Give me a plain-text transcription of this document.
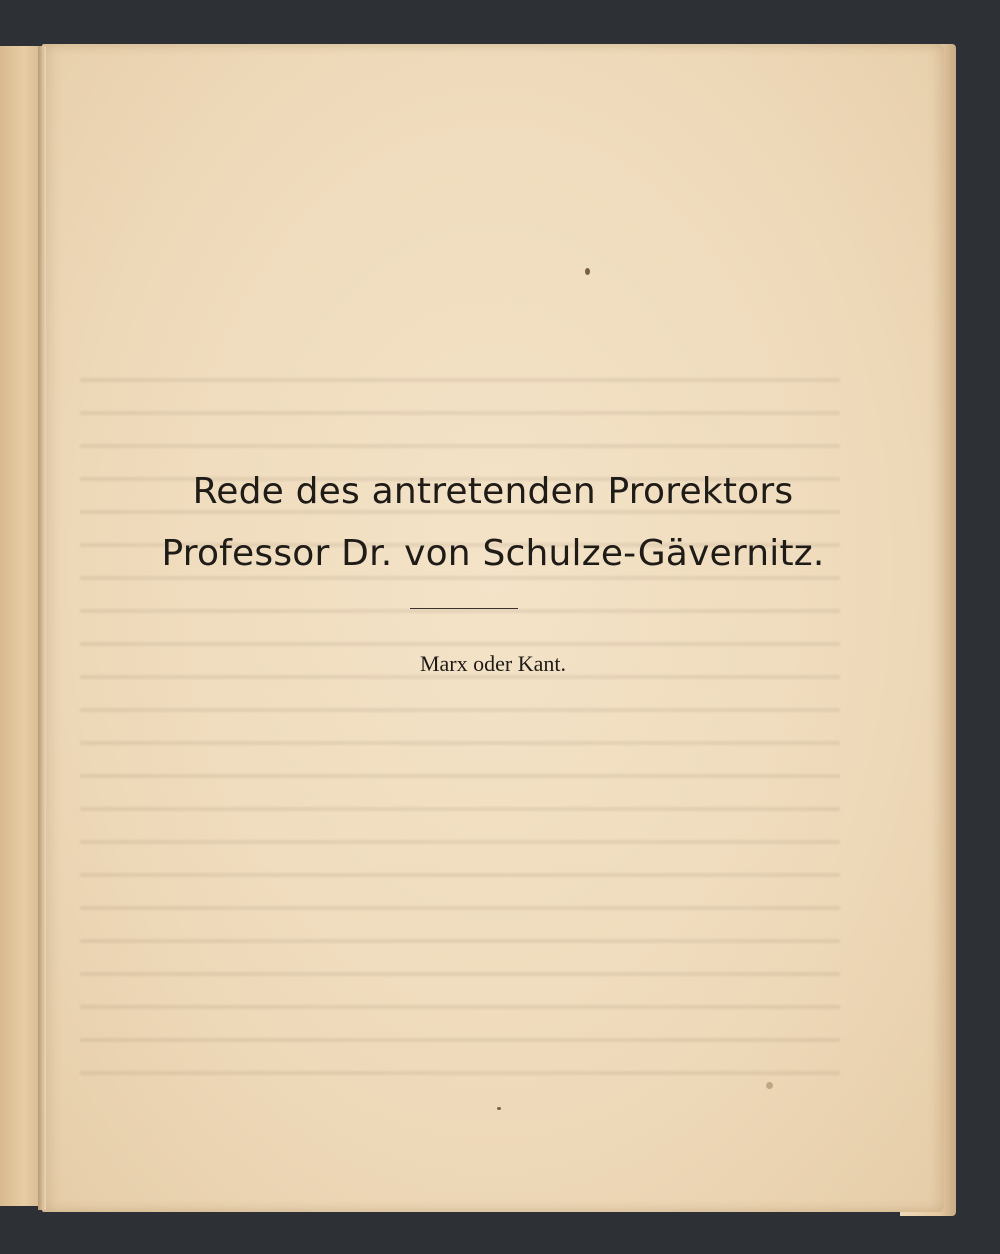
Rede des antretenden Prorektors
Professor Dr. von Schulze-Gävernitz.
Marx oder Kant.
